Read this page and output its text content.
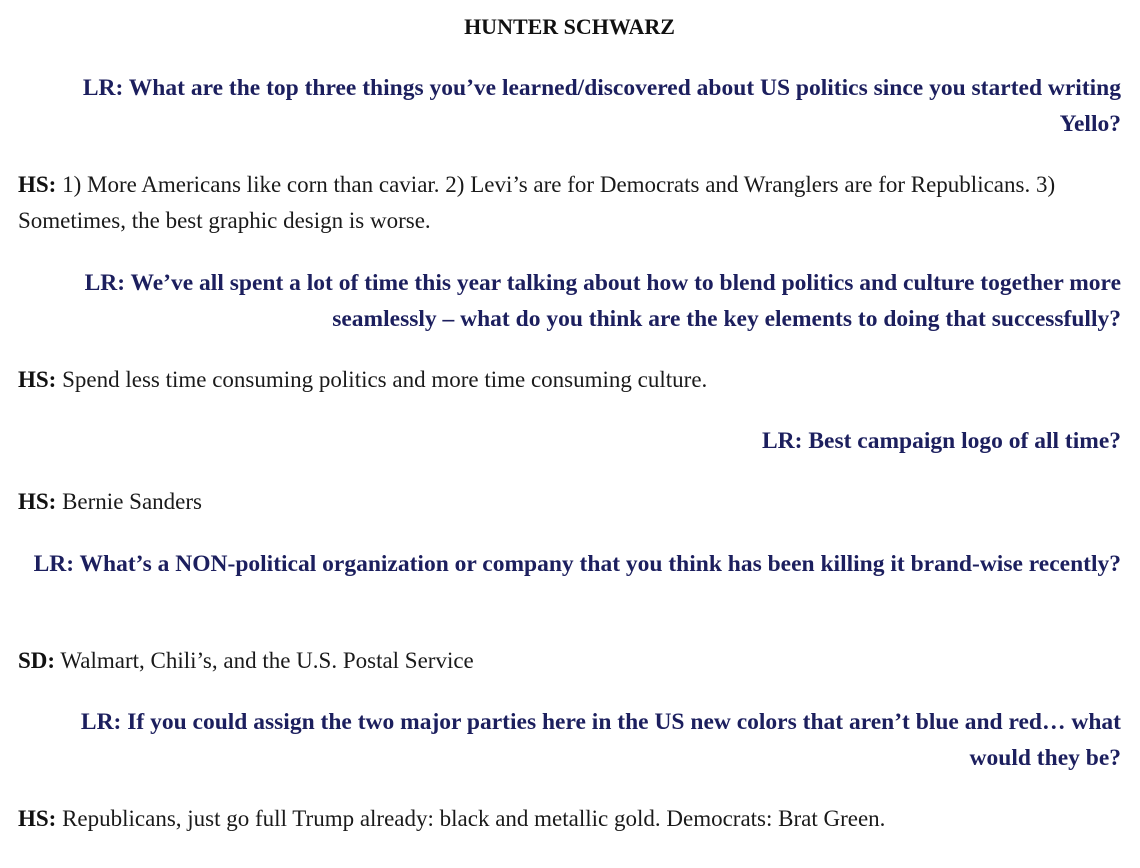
HUNTER SCHWARZ

LR: What are the top three things you’ve learned/discovered about US politics since you started writing Yello?

HS: 1) More Americans like corn than caviar. 2) Levi’s are for Democrats and Wranglers are for Republicans. 3) Sometimes, the best graphic design is worse.

LR: We’ve all spent a lot of time this year talking about how to blend politics and culture together more seamlessly – what do you think are the key elements to doing that successfully?

HS: Spend less time consuming politics and more time consuming culture.

LR: Best campaign logo of all time?

HS: Bernie Sanders

LR: What’s a NON-political organization or company that you think has been killing it brand-wise recently?

SD: Walmart, Chili’s, and the U.S. Postal Service

LR: If you could assign the two major parties here in the US new colors that aren’t blue and red… what would they be?

HS: Republicans, just go full Trump already: black and metallic gold. Democrats: Brat Green.
